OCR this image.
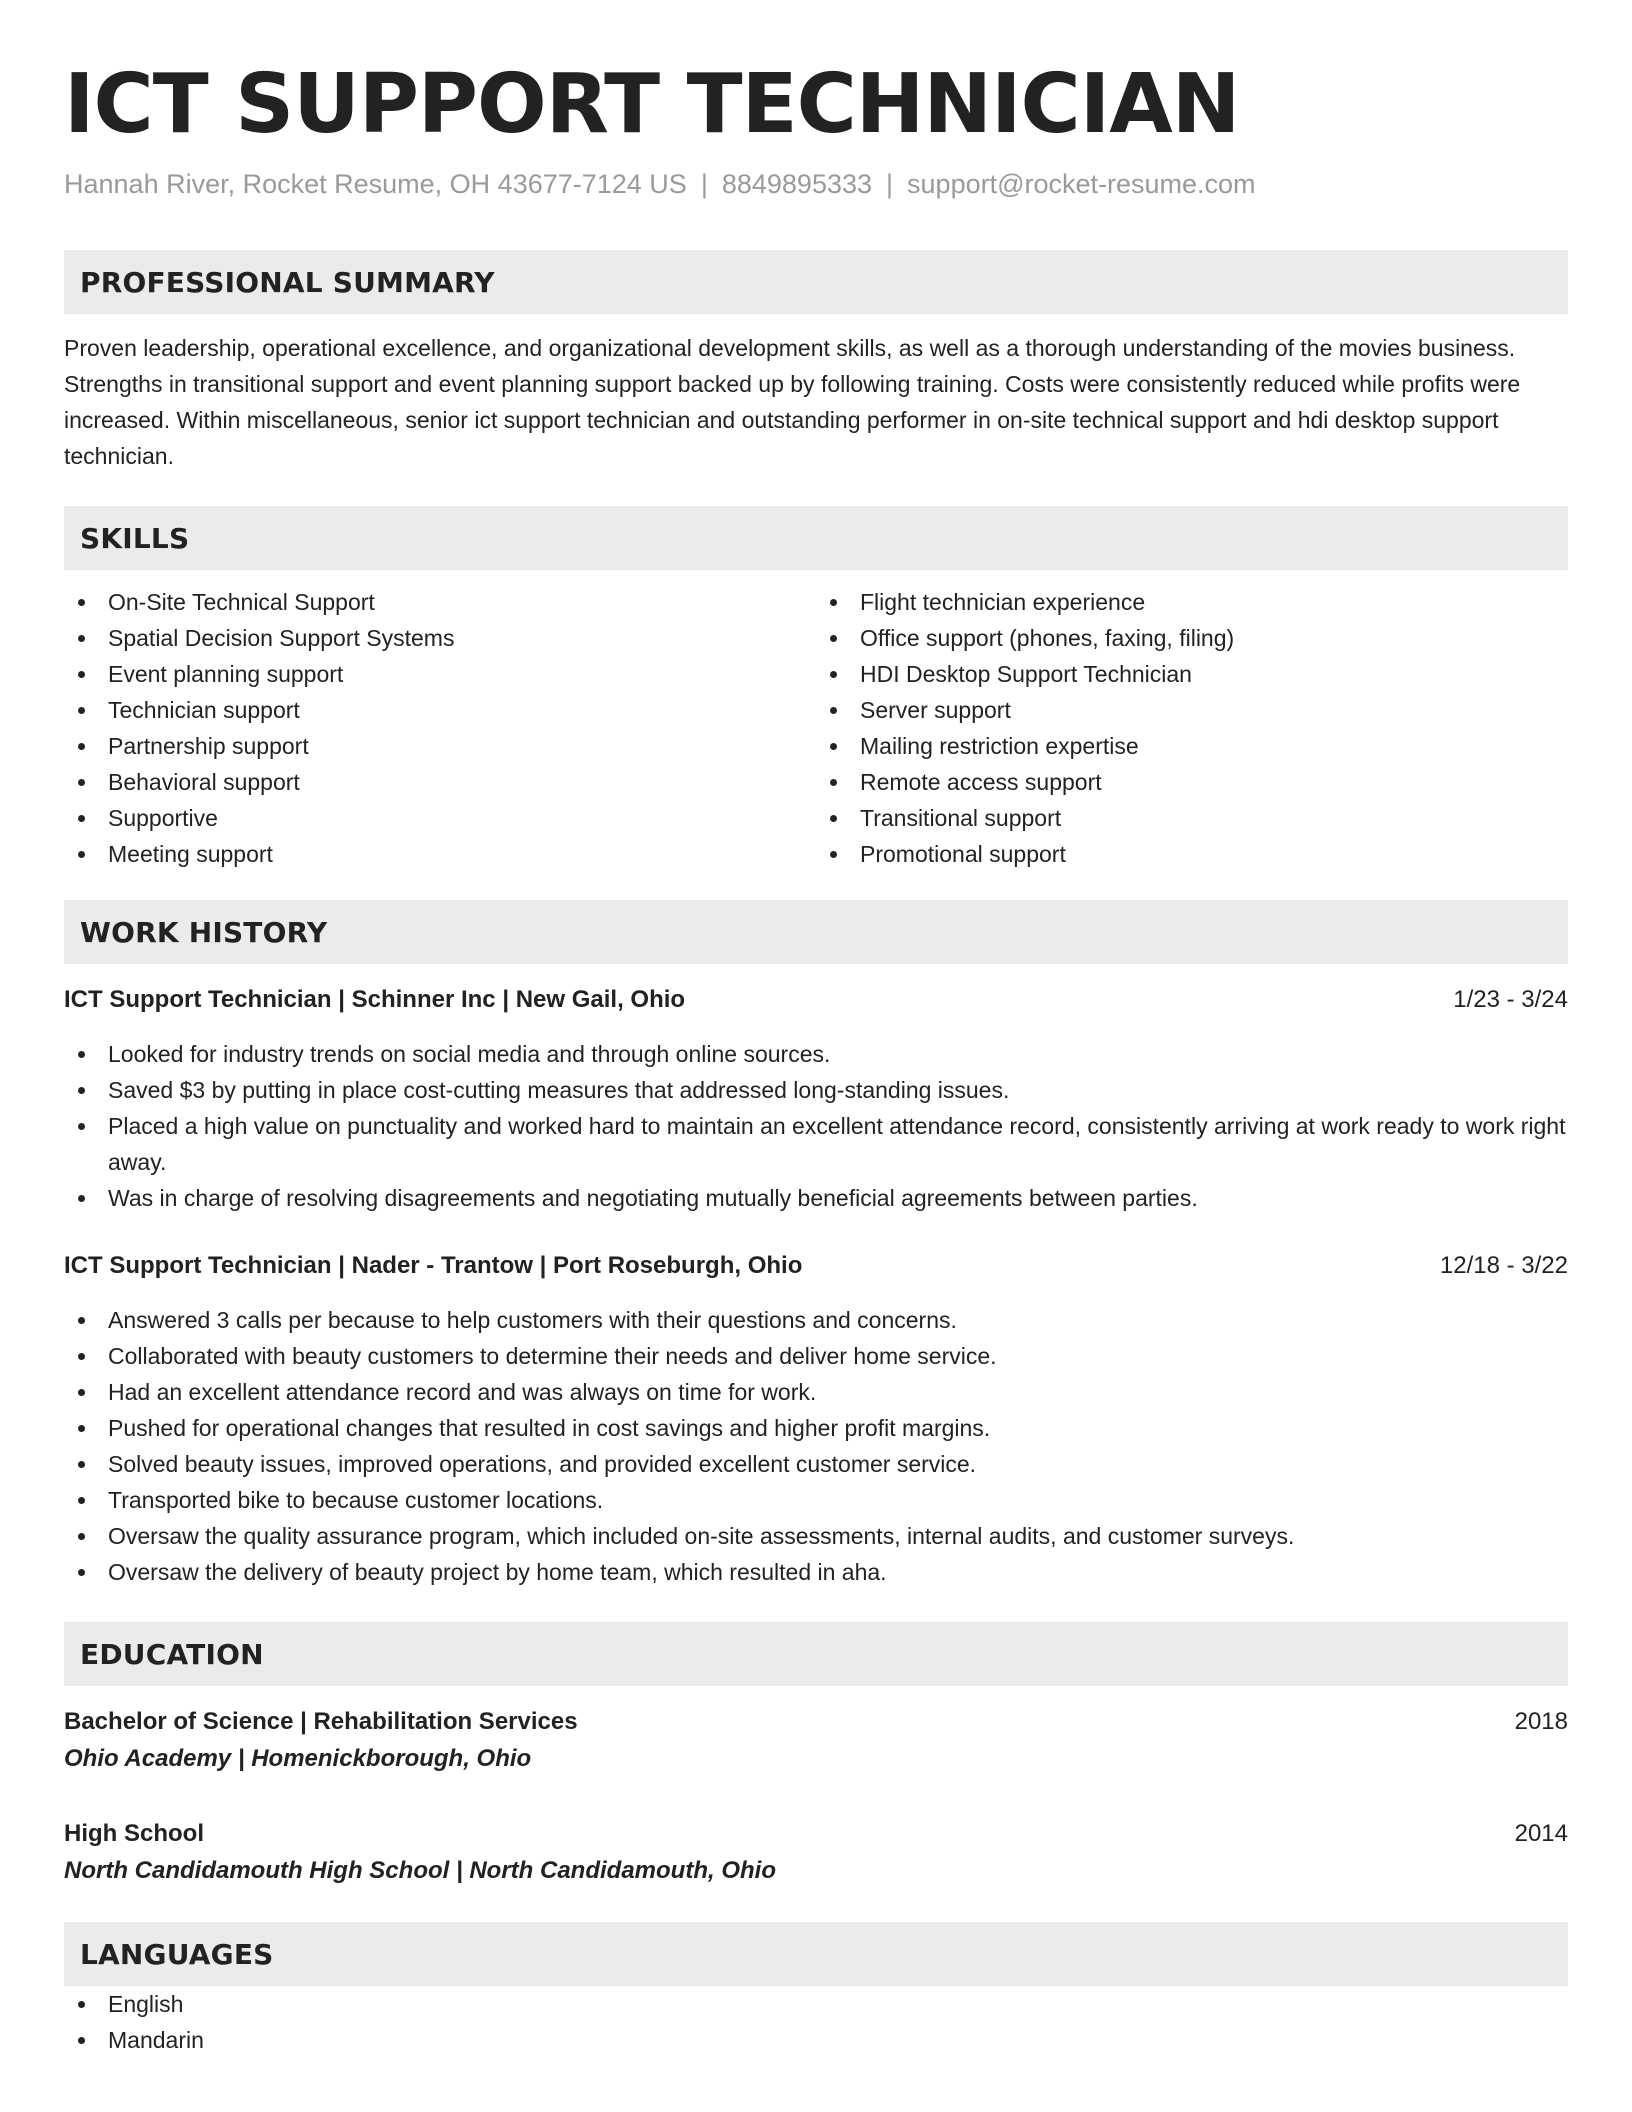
ICT SUPPORT TECHNICIAN
Hannah River, Rocket Resume, OH 43677-7124 US | 8849895333 | support@rocket-resume.com
PROFESSIONAL SUMMARY

Proven leadership, operational excellence, and organizational development skills, as well as a thorough understanding of the movies business. Strengths in transitional support and event planning support backed up by following training. Costs were consistently reduced while profits were increased. Within miscellaneous, senior ict support technician and outstanding performer in on-site technical support and hdi desktop support technician.

SKILLS
On-Site Technical Support
Spatial Decision Support Systems
Event planning support
Technician support
Partnership support
Behavioral support
Supportive
Meeting support
Flight technician experience
Office support (phones, faxing, filing)
HDI Desktop Support Technician
Server support
Mailing restriction expertise
Remote access support
Transitional support
Promotional support
WORK HISTORY
ICT Support Technician | Schinner Inc | New Gail, Ohio	1/23 - 3/24
Looked for industry trends on social media and through online sources.
Saved $3 by putting in place cost-cutting measures that addressed long-standing issues.
Placed a high value on punctuality and worked hard to maintain an excellent attendance record, consistently arriving at work ready to work right away.
Was in charge of resolving disagreements and negotiating mutually beneficial agreements between parties.
ICT Support Technician | Nader - Trantow | Port Roseburgh, Ohio	12/18 - 3/22
Answered 3 calls per because to help customers with their questions and concerns.
Collaborated with beauty customers to determine their needs and deliver home service.
Had an excellent attendance record and was always on time for work.
Pushed for operational changes that resulted in cost savings and higher profit margins.
Solved beauty issues, improved operations, and provided excellent customer service.
Transported bike to because customer locations.
Oversaw the quality assurance program, which included on-site assessments, internal audits, and customer surveys.
Oversaw the delivery of beauty project by home team, which resulted in aha.
EDUCATION
Bachelor of Science | Rehabilitation Services	2018
Ohio Academy | Homenickborough, Ohio
High School	2014
North Candidamouth High School | North Candidamouth, Ohio
LANGUAGES
English
Mandarin
